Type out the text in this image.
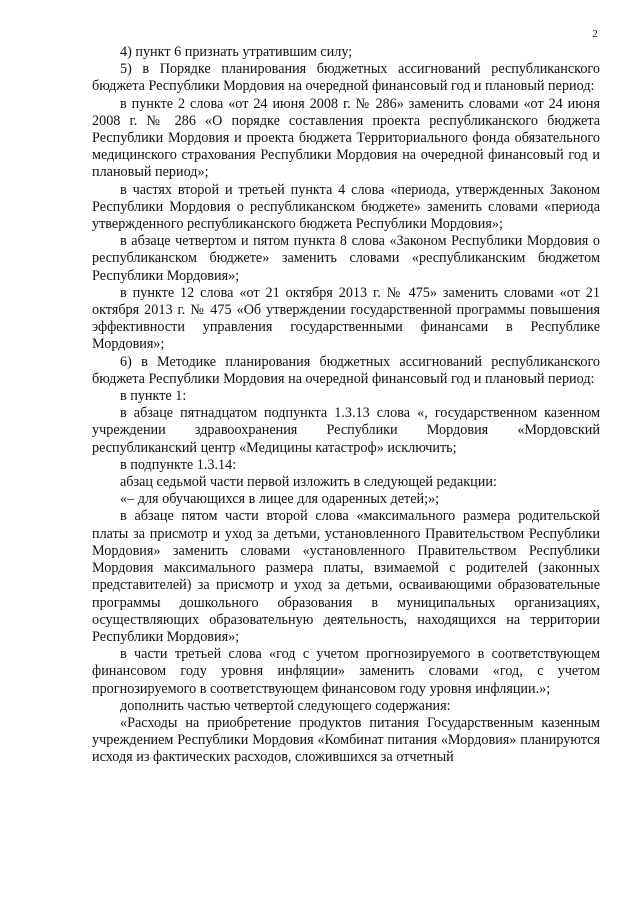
2

4) пункт 6 признать утратившим силу;

5) в Порядке планирования бюджетных ассигнований республиканского бюджета Республики Мордовия на очередной финансовый год и плановый период:

в пункте 2 слова «от 24 июня 2008 г. № 286» заменить словами «от 24 июня 2008 г. № 286 «О порядке составления проекта республиканского бюджета Республики Мордовия и проекта бюджета Территориального фонда обязательного медицинского страхования Республики Мордовия на очередной финансовый год и плановый период»;

в частях второй и третьей пункта 4 слова «периода, утвержденных Законом Республики Мордовия о республиканском бюджете» заменить словами «периода утвержденного республиканского бюджета Республики Мордовия»;

в абзаце четвертом и пятом пункта 8 слова «Законом Республики Мордовия о республиканском бюджете» заменить словами «республиканским бюджетом Республики Мордовия»;

в пункте 12 слова «от 21 октября 2013 г. № 475» заменить словами «от 21 октября 2013 г. № 475 «Об утверждении государственной программы повышения эффективности управления государственными финансами в Республике Мордовия»;

6) в Методике планирования бюджетных ассигнований республиканского бюджета Республики Мордовия на очередной финансовый год и плановый период:

в пункте 1:

в абзаце пятнадцатом подпункта 1.3.13 слова «, государственном казенном учреждении здравоохранения Республики Мордовия «Мордовский республиканский центр «Медицины катастроф» исключить;

в подпункте 1.3.14:

абзац седьмой части первой изложить в следующей редакции:

«– для обучающихся в лицее для одаренных детей;»;

в абзаце пятом части второй слова «максимального размера родительской платы за присмотр и уход за детьми, установленного Правительством Республики Мордовия» заменить словами «установленного Правительством Республики Мордовия максимального размера платы, взимаемой с родителей (законных представителей) за присмотр и уход за детьми, осваивающими образовательные программы дошкольного образования в муниципальных организациях, осуществляющих образовательную деятельность, находящихся на территории Республики Мордовия»;

в части третьей слова «год с учетом прогнозируемого в соответствующем финансовом году уровня инфляции» заменить словами «год, с учетом прогнозируемого в соответствующем финансовом году уровня инфляции.»;

дополнить частью четвертой следующего содержания:

«Расходы на приобретение продуктов питания Государственным казенным учреждением Республики Мордовия «Комбинат питания «Мордовия» планируются исходя из фактических расходов, сложившихся за отчетный
